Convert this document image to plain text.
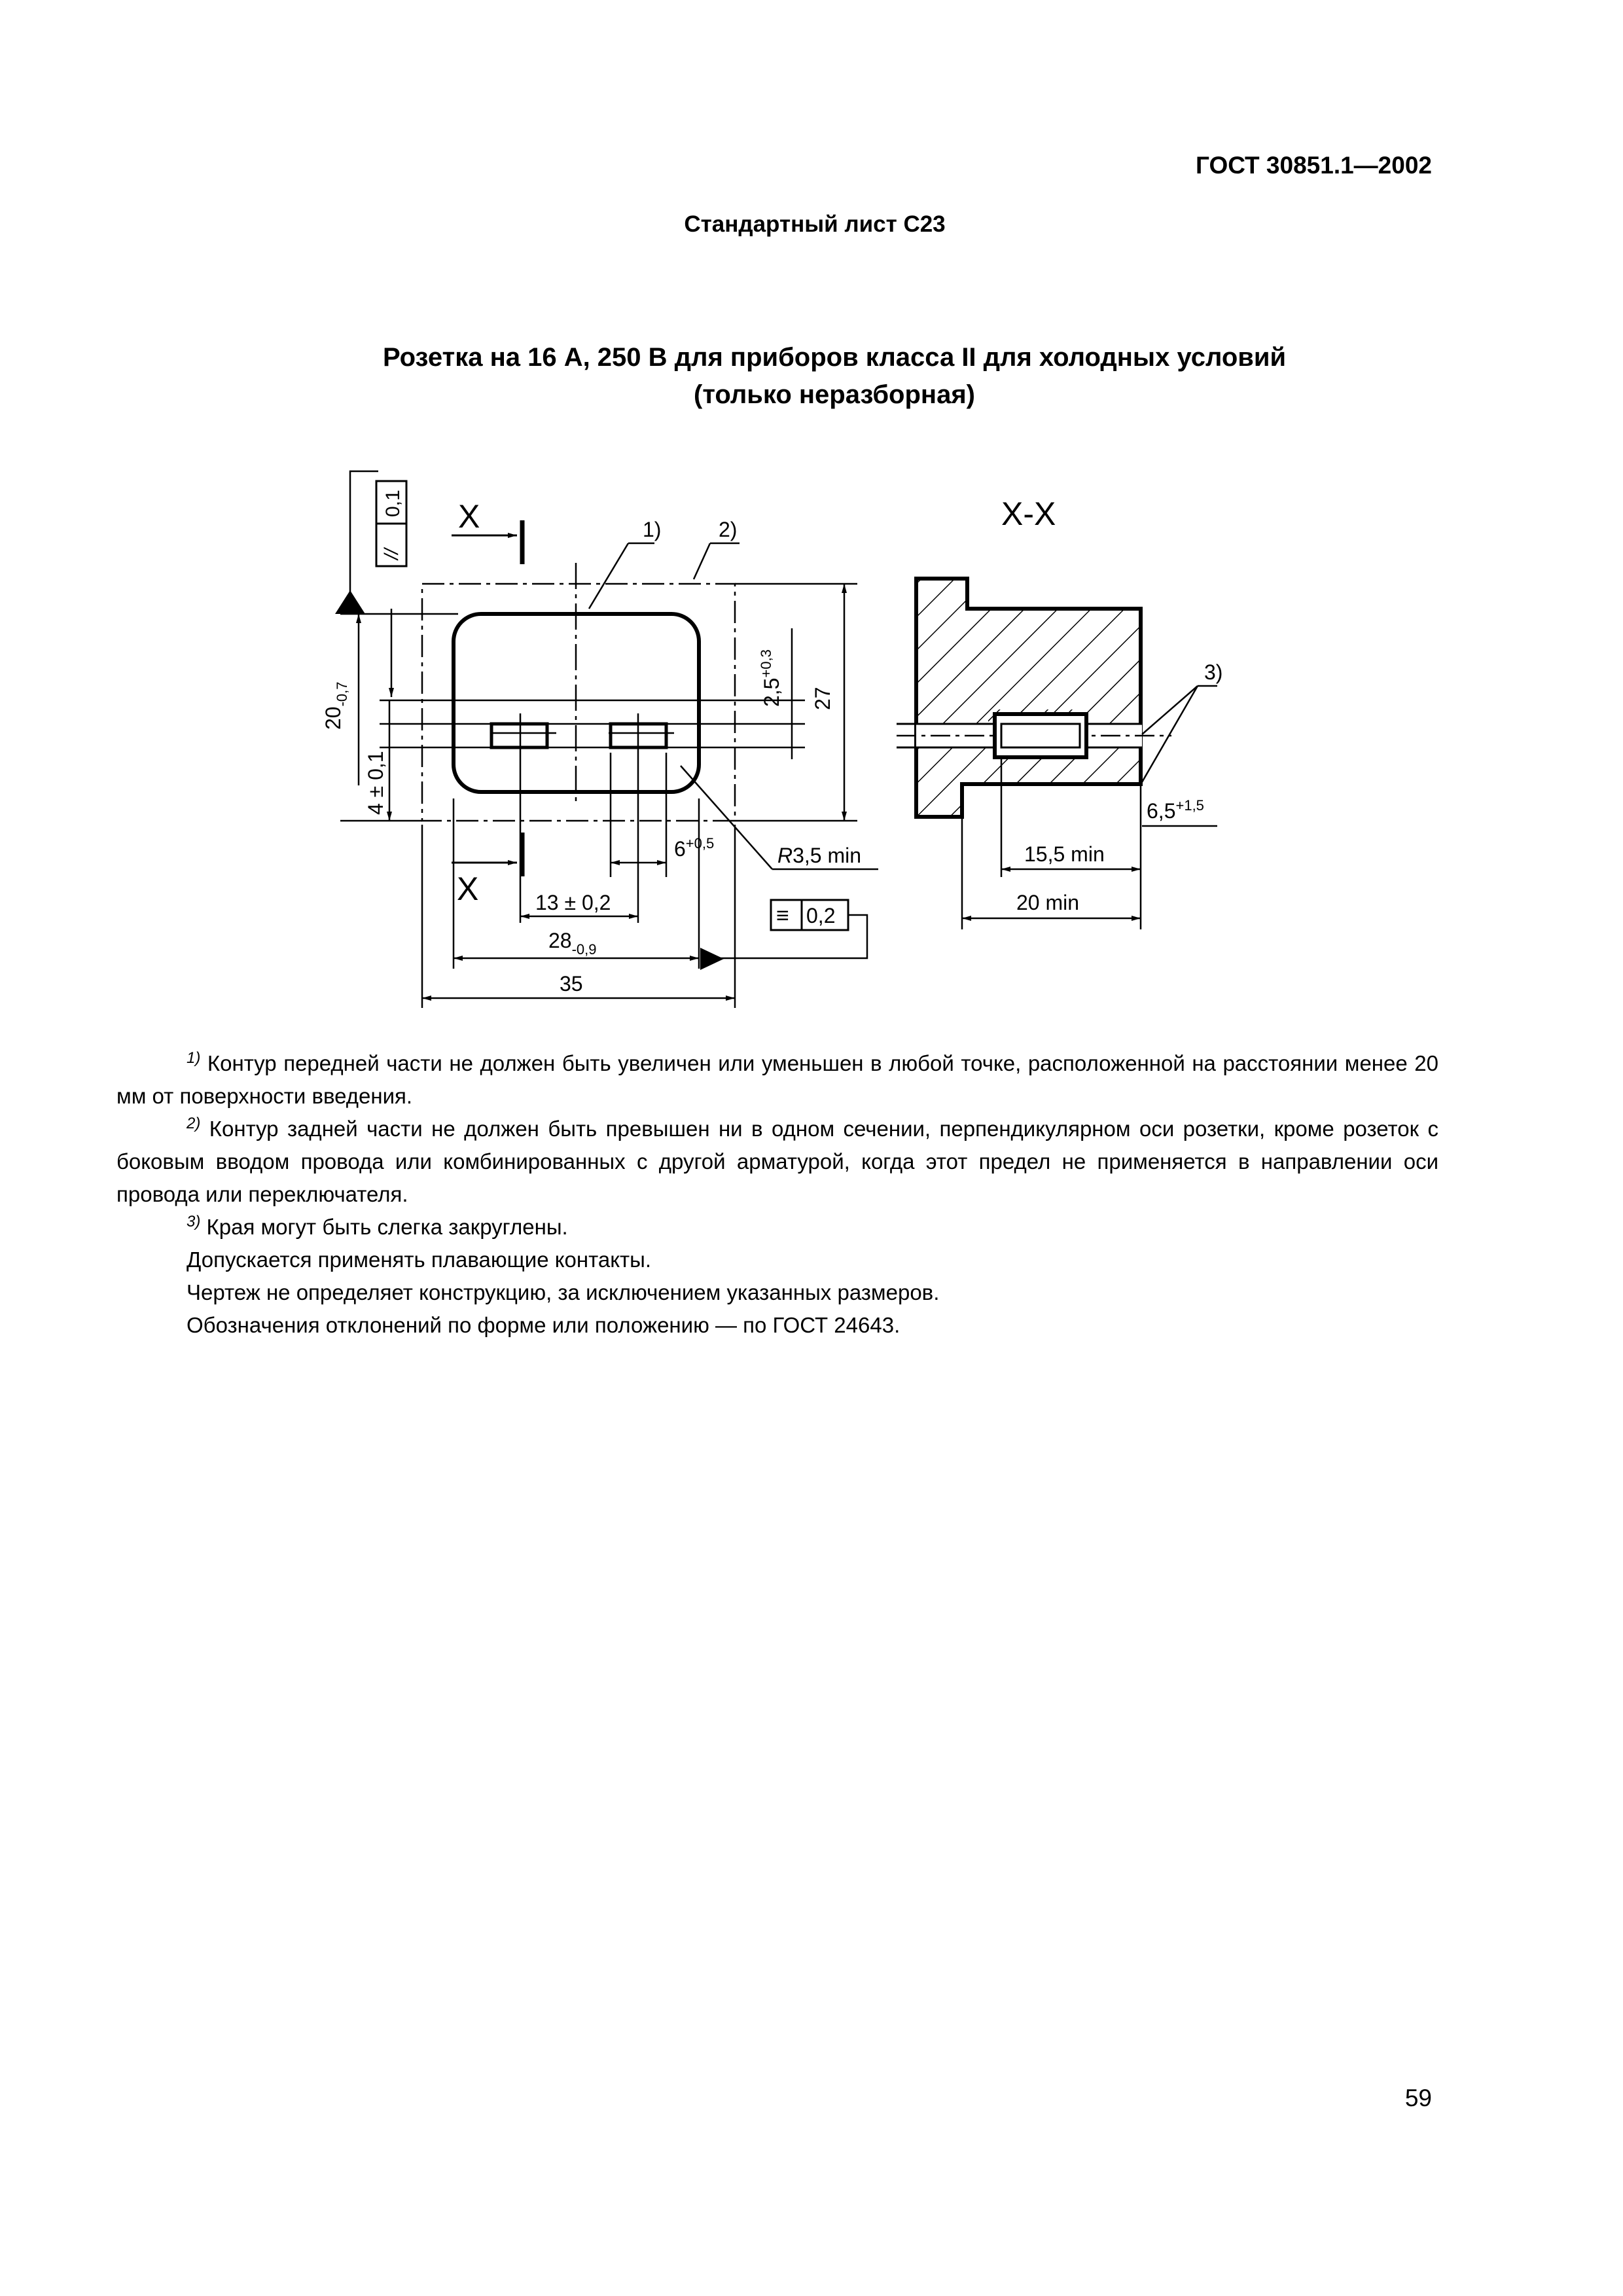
ГОСТ 30851.1—2002
Стандартный лист С23
Розетка на 16 А, 250 В для приборов класса II для холодных условий
(только неразборная)
X
X
1)	2)
27
$2,5^{+0,3}$
$20_{-0,7}$
4 ± 0,1
0,1
//
$6^{+0,5}$
R3,5 min
13 ± 0,2
$28_{-0,9}$
35
≡ 0,2
X-X
3)
$6,5^{+1,5}$
15,5 min
20 min

$^{1)}$ Контур передней части не должен быть увеличен или уменьшен в любой точке, расположенной на расстоянии менее 20 мм от поверхности введения.

$^{2)}$ Контур задней части не должен быть превышен ни в одном сечении, перпендикулярном оси розетки, кроме розеток с боковым вводом провода или комбинированных с другой арматурой, когда этот предел не применяется в направлении оси провода или переключателя.

$^{3)}$ Края могут быть слегка закруглены.

Допускается применять плавающие контакты.

Чертеж не определяет конструкцию, за исключением указанных размеров.

Обозначения отклонений по форме или положению — по ГОСТ 24643.

59
